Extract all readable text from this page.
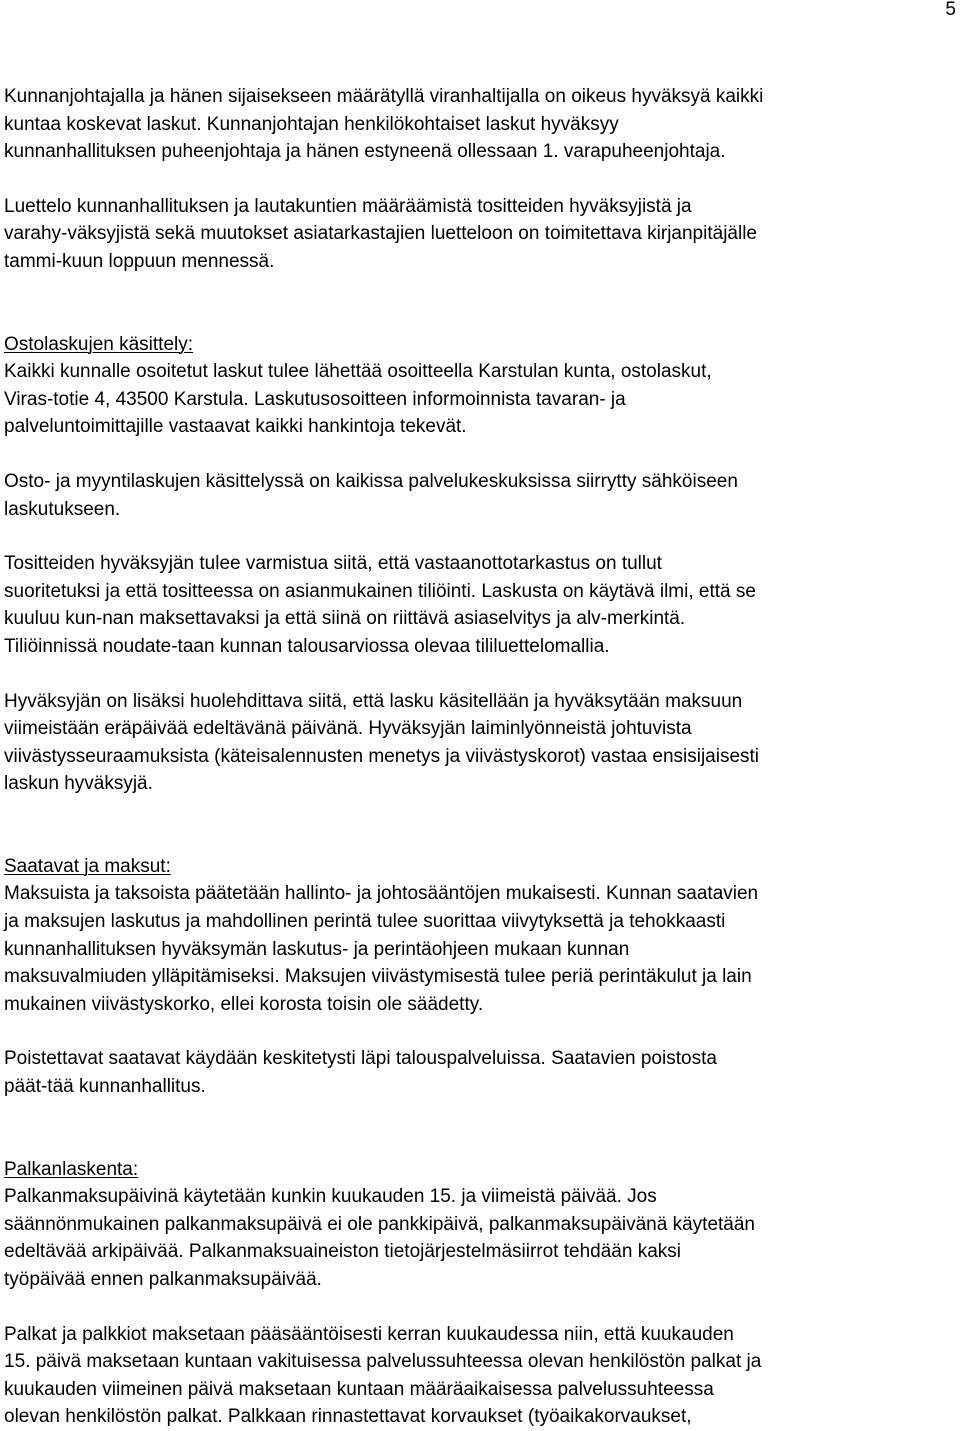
5
Kunnanjohtajalla ja hänen sijaisekseen määrätyllä viranhaltijalla on oikeus hyväksyä kaikki
kuntaa koskevat laskut. Kunnanjohtajan henkilökohtaiset laskut hyväksyy
kunnanhallituksen puheenjohtaja ja hänen estyneenä ollessaan 1. varapuheenjohtaja.
Luettelo kunnanhallituksen ja lautakuntien määräämistä tositteiden hyväksyjistä ja
varahy-väksyjistä sekä muutokset asiatarkastajien luetteloon on toimitettava kirjanpitäjälle
tammi-kuun loppuun mennessä.
Ostolaskujen käsittely:
Kaikki kunnalle osoitetut laskut tulee lähettää osoitteella Karstulan kunta, ostolaskut,
Viras-totie 4, 43500 Karstula. Laskutusosoitteen informoinnista tavaran- ja
palveluntoimittajille vastaavat kaikki hankintoja tekevät.
Osto- ja myyntilaskujen käsittelyssä on kaikissa palvelukeskuksissa siirrytty sähköiseen
laskutukseen.
Tositteiden hyväksyjän tulee varmistua siitä, että vastaanottotarkastus on tullut
suoritetuksi ja että tositteessa on asianmukainen tiliöinti. Laskusta on käytävä ilmi, että se
kuuluu kun-nan maksettavaksi ja että siinä on riittävä asiaselvitys ja alv-merkintä.
Tiliöinnissä noudate-taan kunnan talousarviossa olevaa tililuettelomallia.
Hyväksyjän on lisäksi huolehdittava siitä, että lasku käsitellään ja hyväksytään maksuun
viimeistään eräpäivää edeltävänä päivänä. Hyväksyjän laiminlyönneistä johtuvista
viivästysseuraamuksista (käteisalennusten menetys ja viivästyskorot) vastaa ensisijaisesti
laskun hyväksyjä.
Saatavat ja maksut:
Maksuista ja taksoista päätetään hallinto- ja johtosääntöjen mukaisesti. Kunnan saatavien
ja maksujen laskutus ja mahdollinen perintä tulee suorittaa viivytyksettä ja tehokkaasti
kunnanhallituksen hyväksymän laskutus- ja perintäohjeen mukaan kunnan
maksuvalmiuden ylläpitämiseksi. Maksujen viivästymisestä tulee periä perintäkulut ja lain
mukainen viivästyskorko, ellei korosta toisin ole säädetty.
Poistettavat saatavat käydään keskitetysti läpi talouspalveluissa. Saatavien poistosta
päät-tää kunnanhallitus.
Palkanlaskenta:
Palkanmaksupäivinä käytetään kunkin kuukauden 15. ja viimeistä päivää. Jos
säännönmukainen palkanmaksupäivä ei ole pankkipäivä, palkanmaksupäivänä käytetään
edeltävää arkipäivää. Palkanmaksuaineiston tietojärjestelmäsiirrot tehdään kaksi
työpäivää ennen palkanmaksupäivää.
Palkat ja palkkiot maksetaan pääsääntöisesti kerran kuukaudessa niin, että kuukauden
15. päivä maksetaan kuntaan vakituisessa palvelussuhteessa olevan henkilöstön palkat ja
kuukauden viimeinen päivä maksetaan kuntaan määräaikaisessa palvelussuhteessa
olevan henkilöstön palkat. Palkkaan rinnastettavat korvaukset (työaikakorvaukset,
